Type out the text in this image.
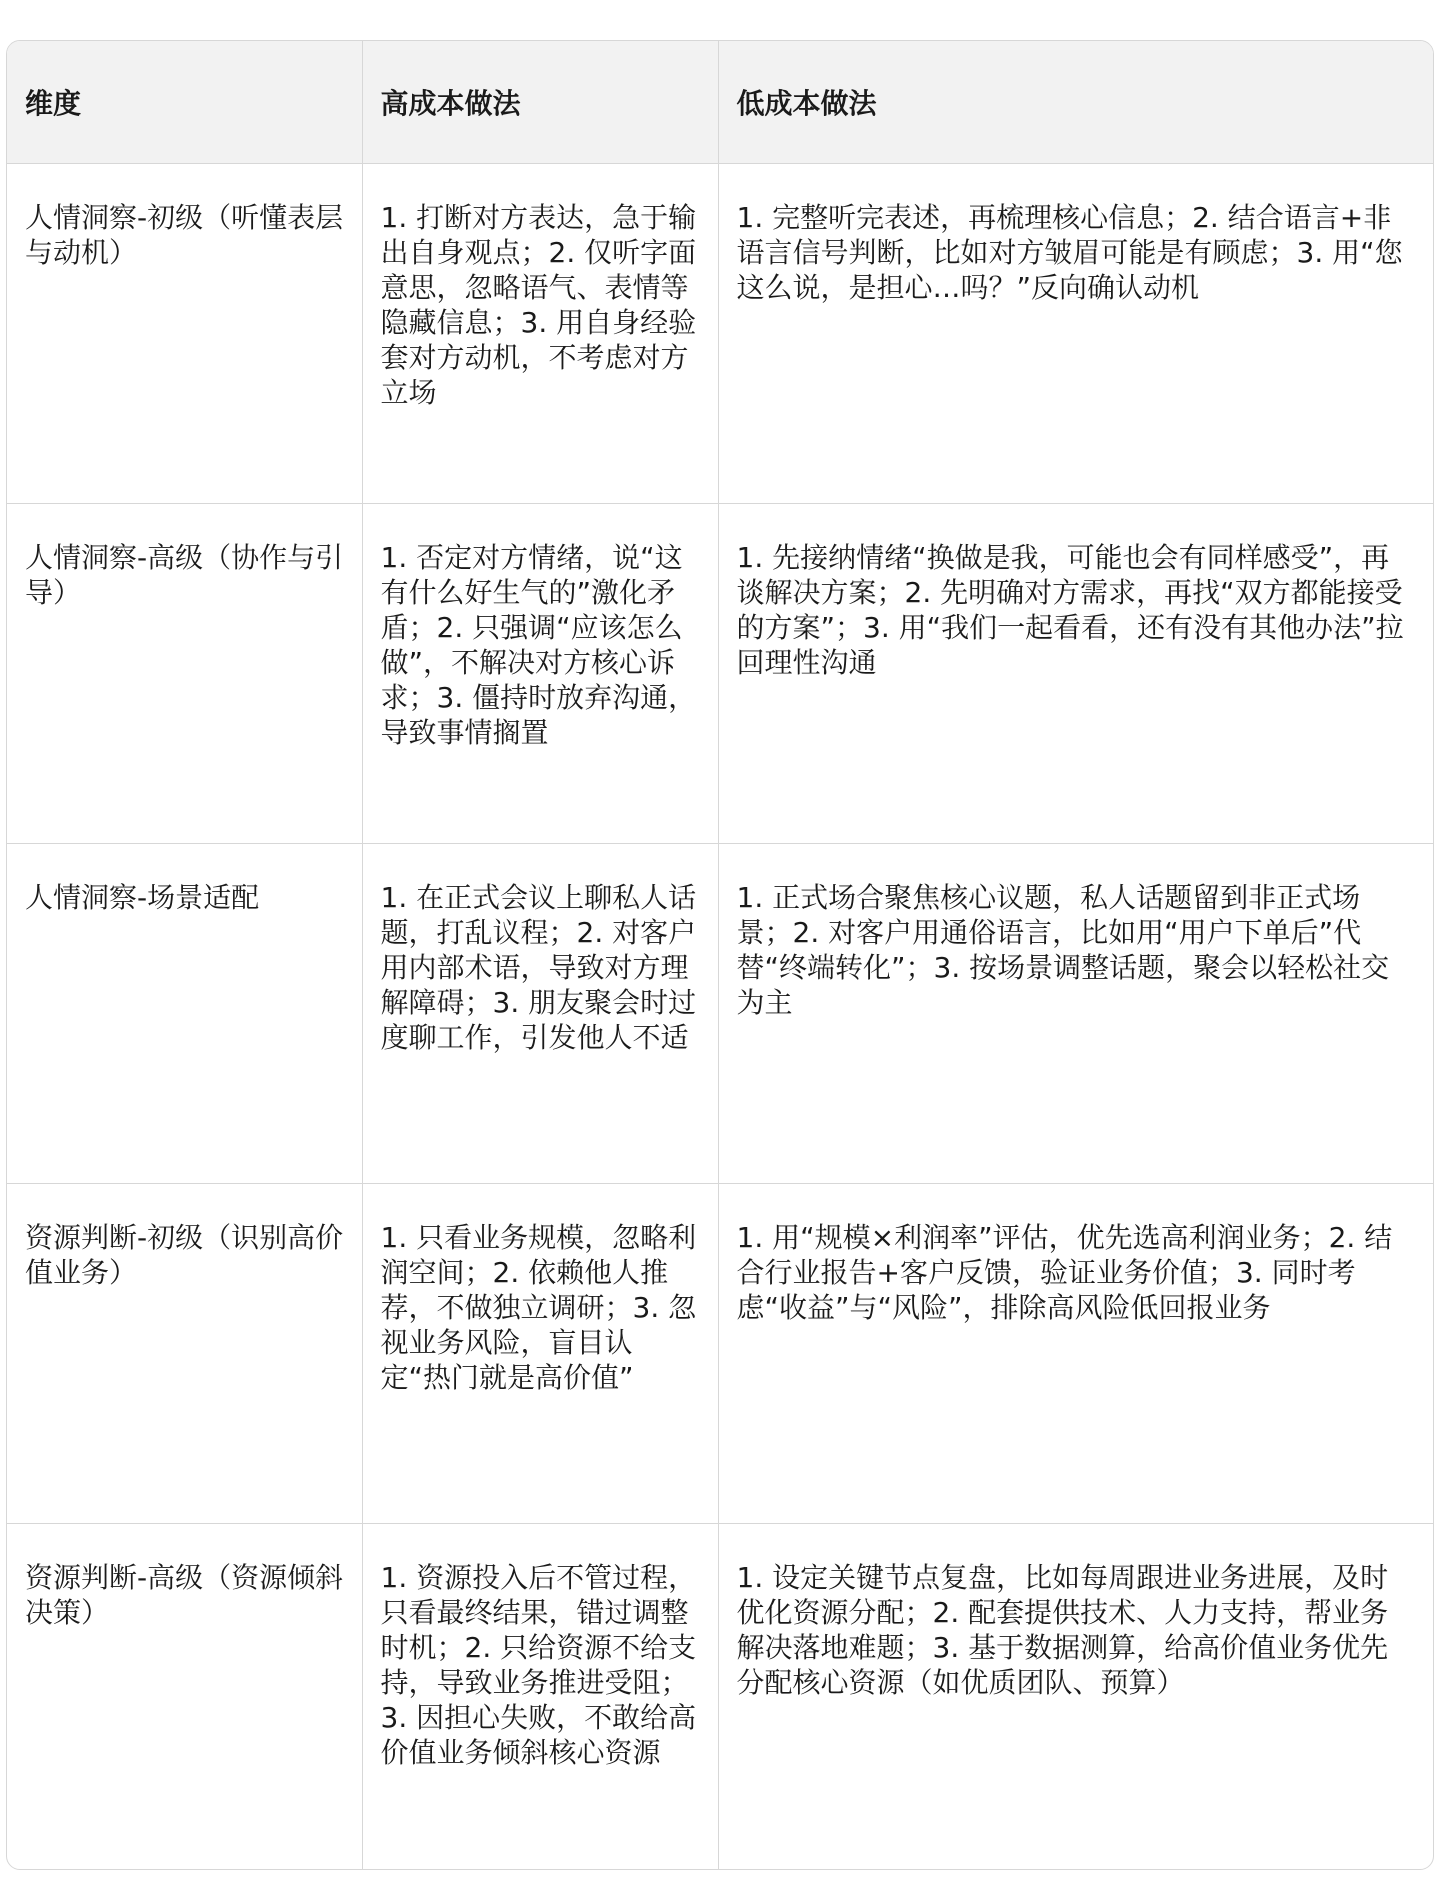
维度	高成本做法	低成本做法
人情洞察-初级（听懂表层与动机）	1. 打断对方表达，急于输出自身观点；2. 仅听字面意思，忽略语气、表情等隐藏信息；3. 用自身经验套对方动机，不考虑对方立场	1. 完整听完表述，再梳理核心信息；2. 结合语言+非语言信号判断，比如对方皱眉可能是有顾虑；3. 用“您这么说，是担心…吗？”反向确认动机
人情洞察-高级（协作与引导）	1. 否定对方情绪，说“这有什么好生气的”激化矛盾；2. 只强调“应该怎么做”，不解决对方核心诉求；3. 僵持时放弃沟通，导致事情搁置	1. 先接纳情绪“换做是我，可能也会有同样感受”，再谈解决方案；2. 先明确对方需求，再找“双方都能接受的方案”；3. 用“我们一起看看，还有没有其他办法”拉回理性沟通
人情洞察-场景适配	1. 在正式会议上聊私人话题，打乱议程；2. 对客户用内部术语，导致对方理解障碍；3. 朋友聚会时过度聊工作，引发他人不适	1. 正式场合聚焦核心议题，私人话题留到非正式场景；2. 对客户用通俗语言，比如用“用户下单后”代替“终端转化”；3. 按场景调整话题，聚会以轻松社交为主
资源判断-初级（识别高价值业务）	1. 只看业务规模，忽略利润空间；2. 依赖他人推荐，不做独立调研；3. 忽视业务风险，盲目认定“热门就是高价值”	1. 用“规模×利润率”评估，优先选高利润业务；2. 结合行业报告+客户反馈，验证业务价值；3. 同时考虑“收益”与“风险”，排除高风险低回报业务
资源判断-高级（资源倾斜决策）	1. 资源投入后不管过程，只看最终结果，错过调整时机；2. 只给资源不给支持，导致业务推进受阻；3. 因担心失败，不敢给高价值业务倾斜核心资源	1. 设定关键节点复盘，比如每周跟进业务进展，及时优化资源分配；2. 配套提供技术、人力支持，帮业务解决落地难题；3. 基于数据测算，给高价值业务优先分配核心资源（如优质团队、预算）
